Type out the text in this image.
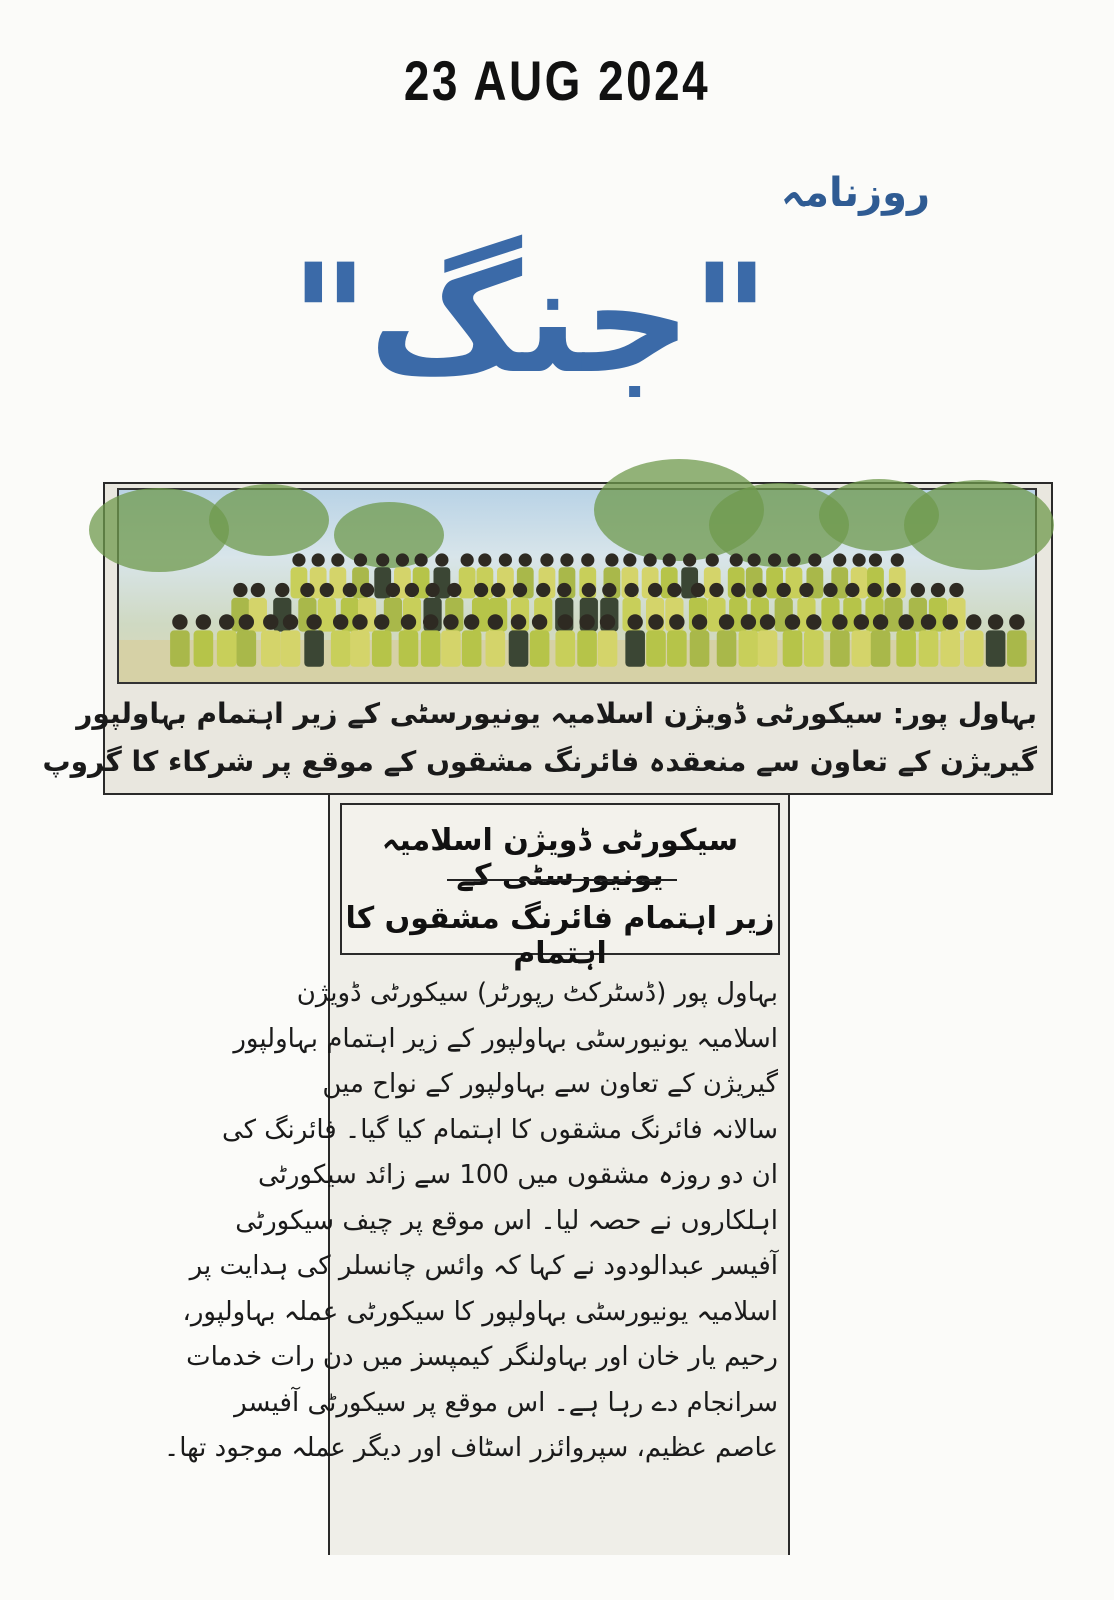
23 AUG 2024
روزنامہ
"جنگ"
بہاول پور: سیکورٹی ڈویژن اسلامیہ یونیورسٹی کے زیر اہتمام بہاولپور
گیریژن کے تعاون سے منعقدہ فائرنگ مشقوں کے موقع پر شرکاء کا گروپ
سیکورٹی ڈویژن اسلامیہ یونیورسٹی کے
زیر اہتمام فائرنگ مشقوں کا اہتمام
بہاول پور (ڈسٹرکٹ رپورٹر) سیکورٹی ڈویژن
اسلامیہ یونیورسٹی بہاولپور کے زیر اہتمام بہاولپور
گیریژن کے تعاون سے بہاولپور کے نواح میں
سالانہ فائرنگ مشقوں کا اہتمام کیا گیا۔ فائرنگ کی
ان دو روزہ مشقوں میں 100 سے زائد سیکورٹی
اہلکاروں نے حصہ لیا۔ اس موقع پر چیف سیکورٹی
آفیسر عبدالودود نے کہا کہ وائس چانسلر کی ہدایت پر
اسلامیہ یونیورسٹی بہاولپور کا سیکورٹی عملہ بہاولپور،
رحیم یار خان اور بہاولنگر کیمپسز میں دن رات خدمات
سرانجام دے رہا ہے۔ اس موقع پر سیکورٹی آفیسر
عاصم عظیم، سپروائزر اسٹاف اور دیگر عملہ موجود تھا۔
